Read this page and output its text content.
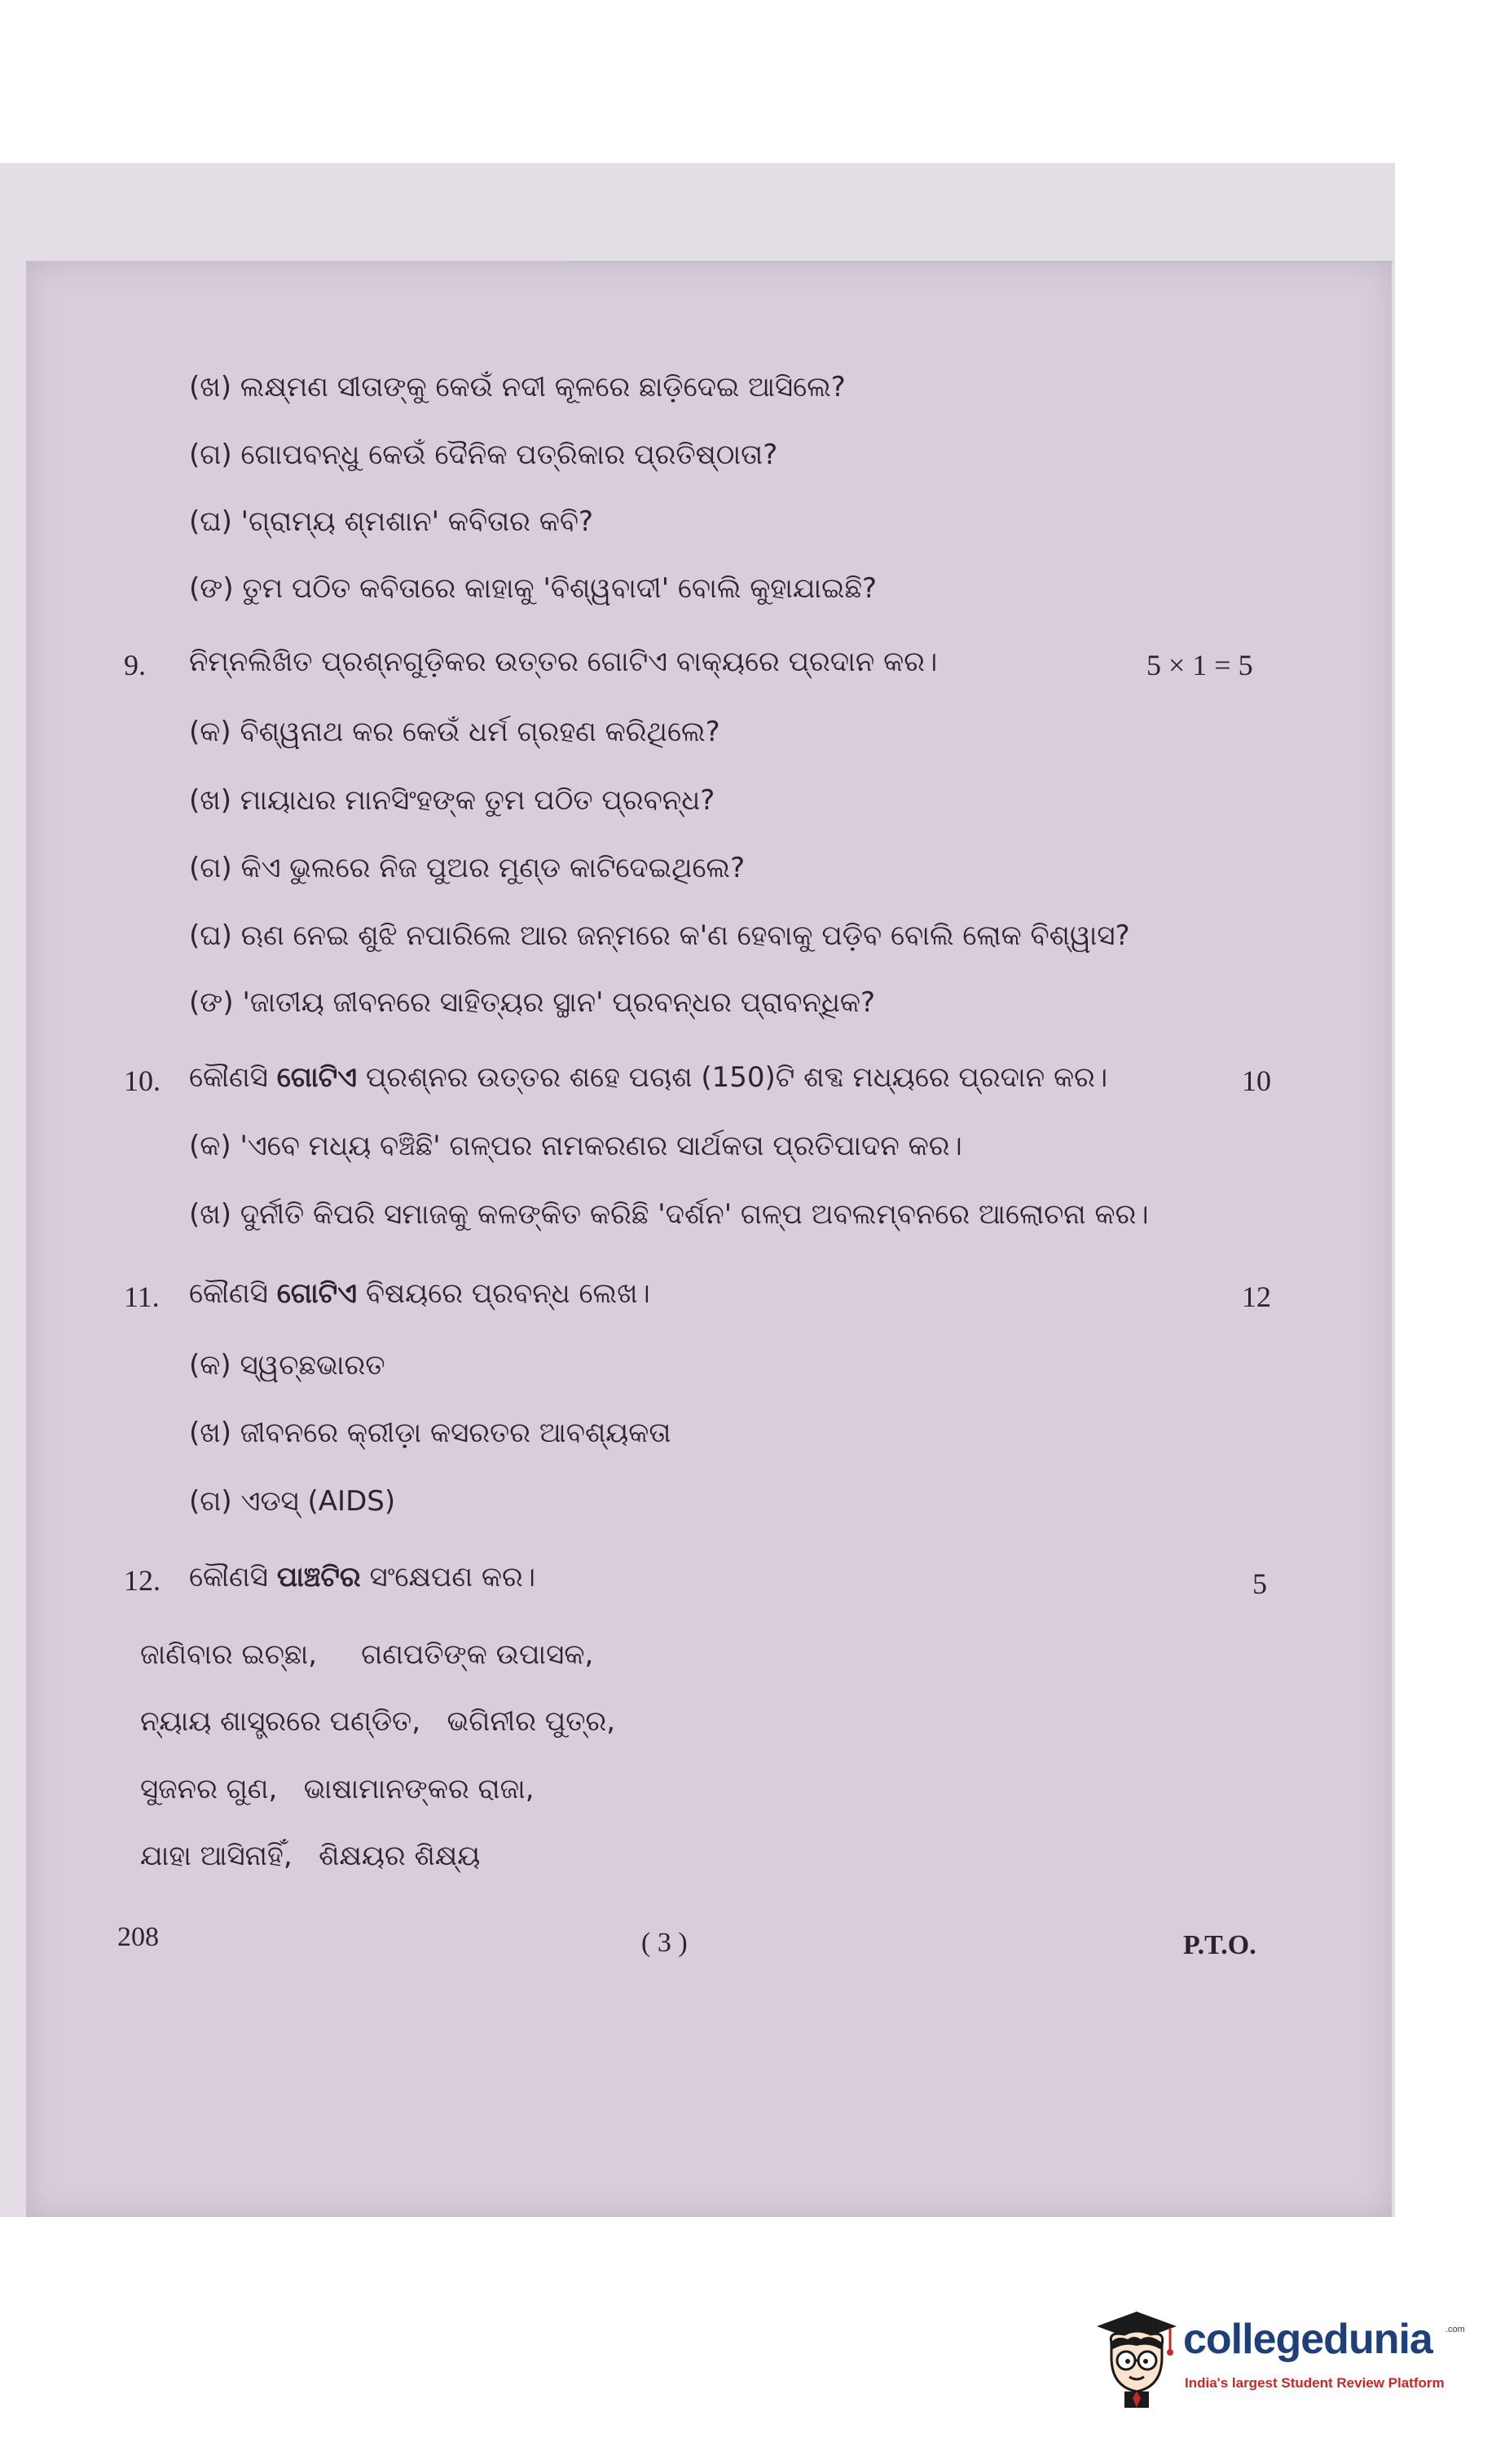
(ଖ) ଲକ୍ଷ୍ମଣ ସୀତାଙ୍କୁ କେଉଁ ନଦୀ କୂଳରେ ଛାଡ଼ିଦେଇ ଆସିଲେ?
(ଗ) ଗୋପବନ୍ଧୁ କେଉଁ ଦୈନିକ ପତ୍ରିକାର ପ୍ରତିଷ୍ଠାତା?
(ଘ) 'ଗ୍ରାମ୍ୟ ଶ୍ମଶାନ' କବିତାର କବି?
(ଙ) ତୁମ ପଠିତ କବିତାରେ କାହାକୁ 'ବିଶ୍ୱବାଦୀ' ବୋଲି କୁହାଯାଇଛି?
9. ନିମ୍ନଲିଖିତ ପ୍ରଶ୍ନଗୁଡ଼ିକର ଉତ୍ତର ଗୋଟିଏ ବାକ୍ୟରେ ପ୍ରଦାନ କର।	5 × 1 = 5
(କ) ବିଶ୍ୱନାଥ କର କେଉଁ ଧର୍ମ ଗ୍ରହଣ କରିଥିଲେ?
(ଖ) ମାୟାଧର ମାନସିଂହଙ୍କ ତୁମ ପଠିତ ପ୍ରବନ୍ଧ?
(ଗ) କିଏ ଭୁଲରେ ନିଜ ପୁଅର ମୁଣ୍ଡ କାଟିଦେଇଥିଲେ?
(ଘ) ଋଣ ନେଇ ଶୁଝି ନପାରିଲେ ଆର ଜନ୍ମରେ କ'ଣ ହେବାକୁ ପଡ଼ିବ ବୋଲି ଲୋକ ବିଶ୍ୱାସ?
(ଙ) 'ଜାତୀୟ ଜୀବନରେ ସାହିତ୍ୟର ସ୍ଥାନ' ପ୍ରବନ୍ଧର ପ୍ରାବନ୍ଧିକ?
10. କୌଣସି ଗୋଟିଏ ପ୍ରଶ୍ନର ଉତ୍ତର ଶହେ ପଚାଶ (150)ଟି ଶବ୍ଦ ମଧ୍ୟରେ ପ୍ରଦାନ କର।	10
(କ) 'ଏବେ ମଧ୍ୟ ବଞ୍ଚିଛି' ଗଳ୍ପର ନାମକରଣର ସାର୍ଥକତା ପ୍ରତିପାଦନ କର।
(ଖ) ଦୁର୍ନୀତି କିପରି ସମାଜକୁ କଳଙ୍କିତ କରିଛି 'ଦର୍ଶନ' ଗଳ୍ପ ଅବଲମ୍ବନରେ ଆଲୋଚନା କର।
11. କୌଣସି ଗୋଟିଏ ବିଷୟରେ ପ୍ରବନ୍ଧ ଲେଖ।	12
(କ) ସ୍ୱଚ୍ଛଭାରତ
(ଖ) ଜୀବନରେ କ୍ରୀଡ଼ା କସରତର ଆବଶ୍ୟକତା
(ଗ) ଏଡସ୍ (AIDS)
12. କୌଣସି ପାଞ୍ଚଟିର ସଂକ୍ଷେପଣ କର।	5
ଜାଣିବାର ଇଚ୍ଛା,     ଗଣପତିଙ୍କ ଉପାସକ,
ନ୍ୟାୟ ଶାସ୍ତ୍ରରେ ପଣ୍ଡିତ,   ଭଗିନୀର ପୁତ୍ର,
ସୁଜନର ଗୁଣ,   ଭାଷାମାନଙ୍କର ରାଜା,
ଯାହା ଆସିନାହିଁ,   ଶିକ୍ଷୟର ଶିକ୍ଷ୍ୟ
208	( 3 )	P.T.O.
collegedunia .com
India's largest Student Review Platform
